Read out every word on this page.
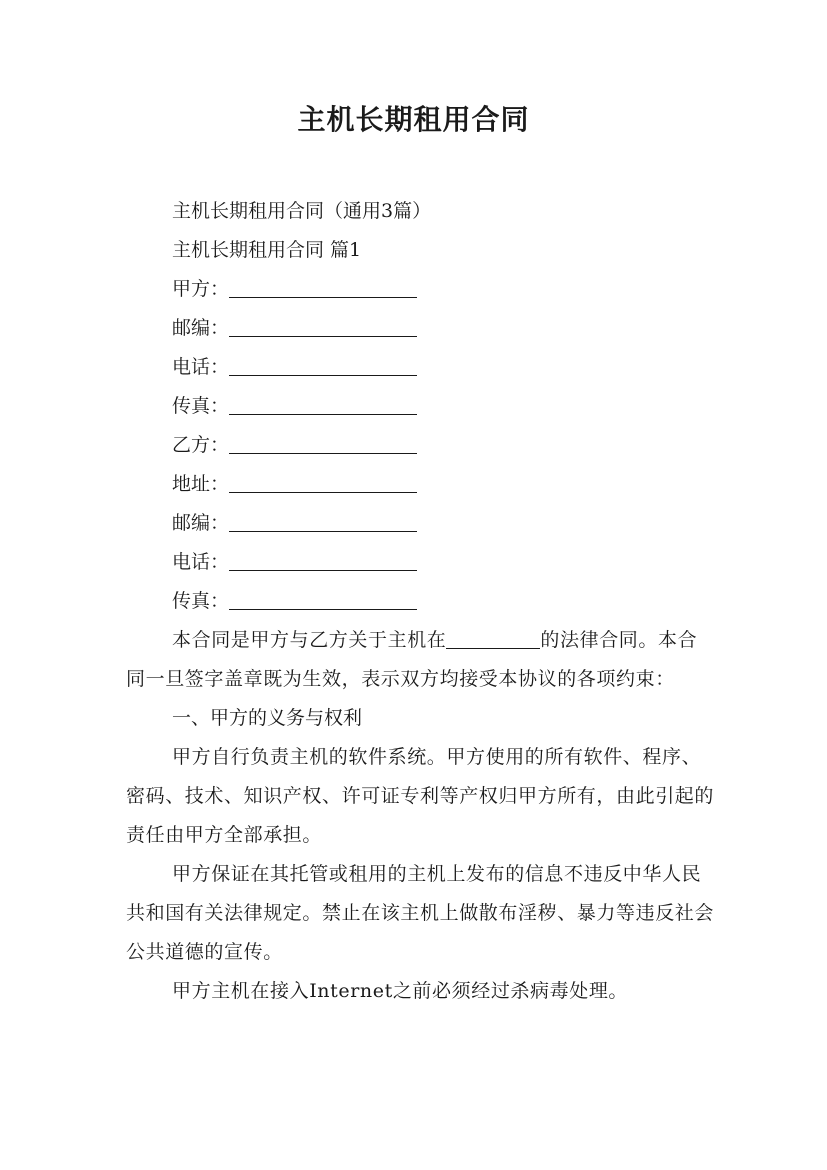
主机长期租用合同
主机长期租用合同（通用3篇）
主机长期租用合同 篇1
甲方：
邮编：
电话：
传真：
乙方：
地址：
邮编：
电话：
传真：

本合同是甲方与乙方关于主机在	的法律合同。本合同一旦签字盖章既为生效，表示双方均接受本协议的各项约束：

一、甲方的义务与权利

甲方自行负责主机的软件系统。甲方使用的所有软件、程序、密码、技术、知识产权、许可证专利等产权归甲方所有，由此引起的责任由甲方全部承担。

甲方保证在其托管或租用的主机上发布的信息不违反中华人民共和国有关法律规定。禁止在该主机上做散布淫秽、暴力等违反社会公共道德的宣传。

甲方主机在接入Internet之前必须经过杀病毒处理。
